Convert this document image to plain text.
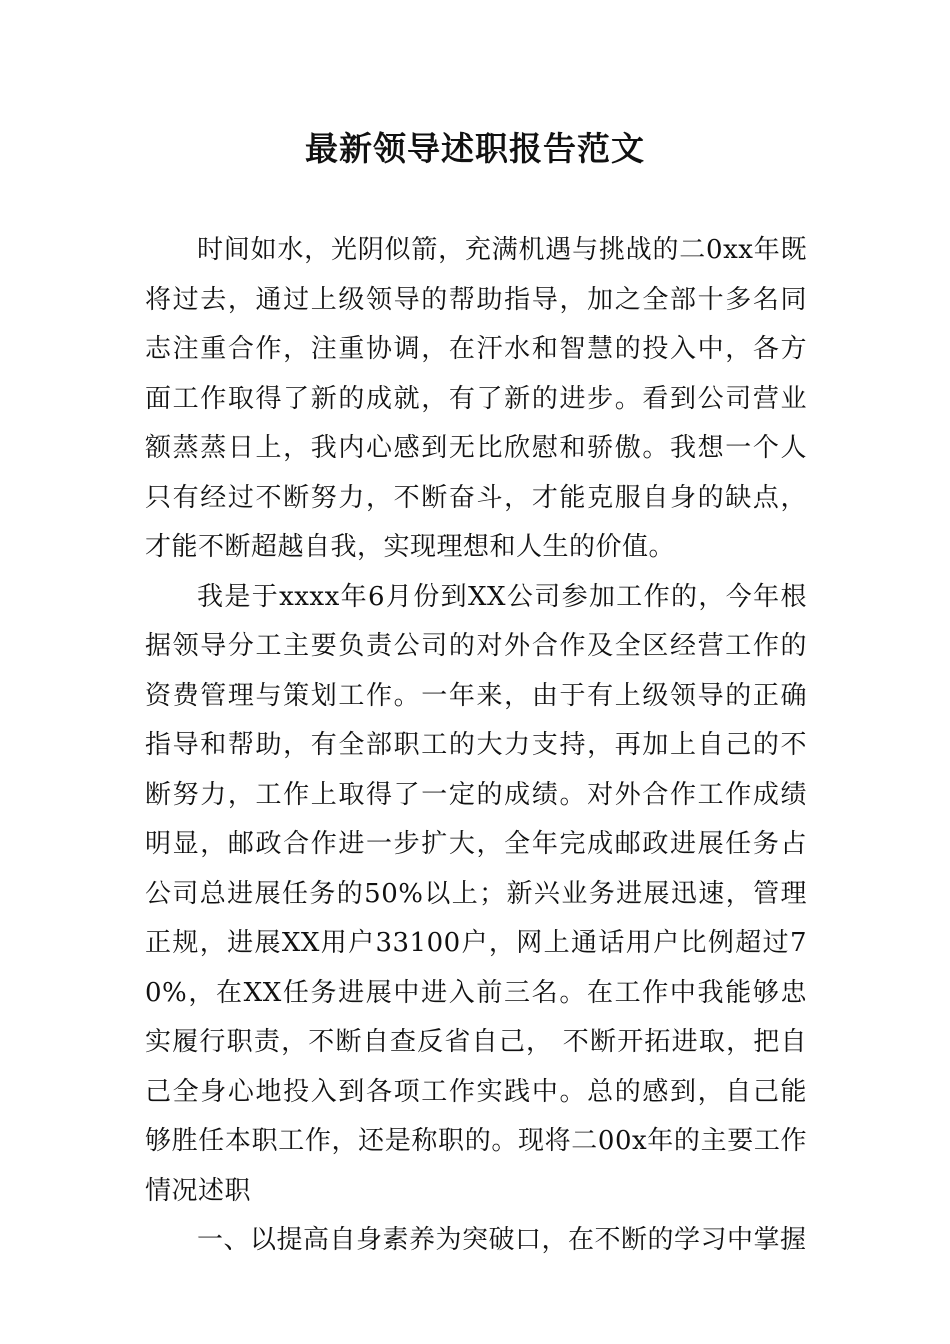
最新领导述职报告范文

时间如水，光阴似箭，充满机遇与挑战的二0xx年既将过去，通过上级领导的帮助指导，加之全部十多名同志注重合作，注重协调，在汗水和智慧的投入中，各方面工作取得了新的成就，有了新的进步。看到公司营业额蒸蒸日上，我内心感到无比欣慰和骄傲。我想一个人只有经过不断努力，不断奋斗，才能克服自身的缺点，才能不断超越自我，实现理想和人生的价值。

我是于xxxx年6月份到XX公司参加工作的，今年根据领导分工主要负责公司的对外合作及全区经营工作的资费管理与策划工作。一年来，由于有上级领导的正确指导和帮助，有全部职工的大力支持，再加上自己的不断努力，工作上取得了一定的成绩。对外合作工作成绩明显，邮政合作进一步扩大，全年完成邮政进展任务占公司总进展任务的50%以上；新兴业务进展迅速，管理正规，进展XX用户33100户，网上通话用户比例超过70%，在XX任务进展中进入前三名。在工作中我能够忠实履行职责，不断自查反省自己， 不断开拓进取，把自己全身心地投入到各项工作实践中。总的感到，自己能够胜任本职工作，还是称职的。现将二00x年的主要工作情况述职

一、以提高自身素养为突破口，在不断的学习中掌握
